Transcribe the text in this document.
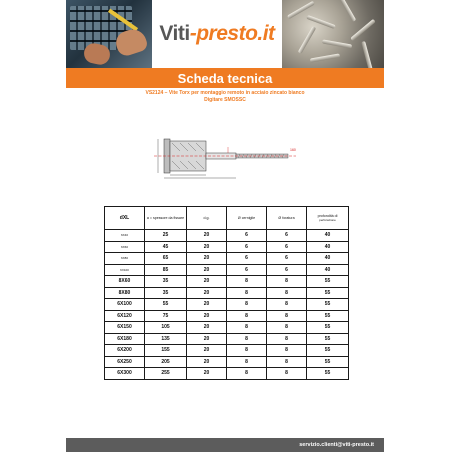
Viti-presto.it
Scheda tecnica
VS2124 – Vite Torx per montaggio remoto in acciaio zincato bianco
Digitare SMOSSC
160
dXL	a = spessore da fissare	d.g.	Ø cerniglie	Ø foratura	profondità di
perforazione

6X40	25	20	6	6	40
6X60	45	20	6	6	40
6X80	65	20	6	6	40
6X100	85	20	6	6	40
8X60	35	20	8	8	55
8X80	35	20	8	8	55
6X100	55	20	8	8	55
6X120	75	20	8	8	55
6X150	105	20	8	8	55
6X180	135	20	8	8	55
6X200	155	20	8	8	55
6X250	205	20	8	8	55
6X300	255	20	8	8	55
servizio.clienti@viti-presto.it
